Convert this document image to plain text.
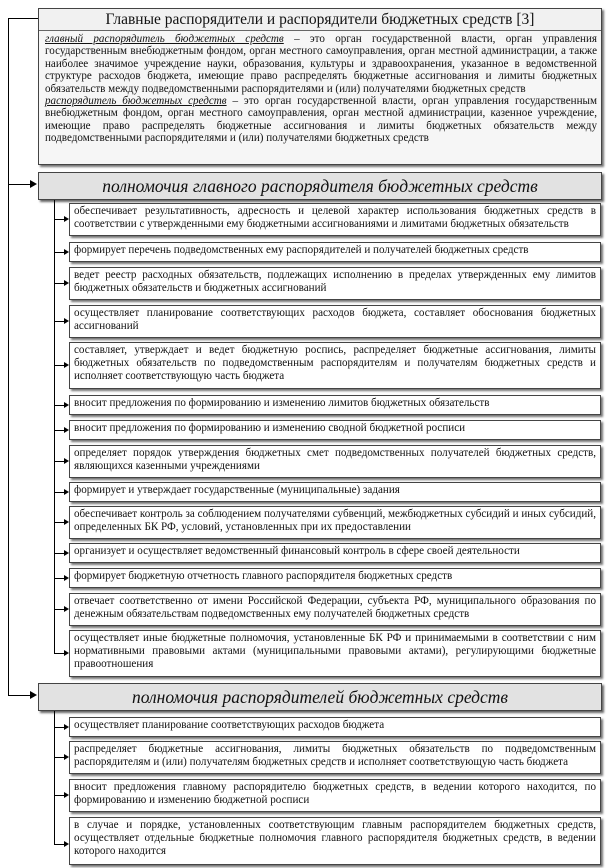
Главные распорядители и распорядители бюджетных средств [3]
главный распорядитель бюджетных средств – это орган государственной власти, орган управления государственным внебюджетным фондом, орган местного самоуправления, орган местной администрации, а также наиболее значимое учреждение науки, образования, культуры и здравоохранения, указанное в ведомственной структуре расходов бюджета, имеющие право распределять бюджетные ассигнования и лимиты бюджетных обязательств между подведомственными распорядителями и (или) получателями бюджетных средств
распорядитель бюджетных средств – это орган государственной власти, орган управления государственным внебюджетным фондом, орган местного самоуправления, орган местной администрации, казенное учреждение, имеющие право распределять бюджетные ассигнования и лимиты бюджетных обязательств между подведомственными распорядителями и (или) получателями бюджетных средств
полномочия главного распорядителя бюджетных средств
обеспечивает результативность, адресность и целевой характер использования бюджетных средств в соответствии с утвержденными ему бюджетными ассигнованиями и лимитами бюджетных обязательств
формирует перечень подведомственных ему распорядителей и получателей бюджетных средств
ведет реестр расходных обязательств, подлежащих исполнению в пределах утвержденных ему лимитов бюджетных обязательств и бюджетных ассигнований
осуществляет планирование соответствующих расходов бюджета, составляет обоснования бюджетных ассигнований
составляет, утверждает и ведет бюджетную роспись, распределяет бюджетные ассигнования, лимиты бюджетных обязательств по подведомственным распорядителям и получателям бюджетных средств и исполняет соответствующую часть бюджета
вносит предложения по формированию и изменению лимитов бюджетных обязательств
вносит предложения по формированию и изменению сводной бюджетной росписи
определяет порядок утверждения бюджетных смет подведомственных получателей бюджетных средств, являющихся казенными учреждениями
формирует и утверждает государственные (муниципальные) задания
обеспечивает контроль за соблюдением получателями субвенций, межбюджетных субсидий и иных субсидий, определенных БК РФ, условий, установленных при их предоставлении
организует и осуществляет ведомственный финансовый контроль в сфере своей деятельности
формирует бюджетную отчетность главного распорядителя бюджетных средств
отвечает соответственно от имени Российской Федерации, субъекта РФ, муниципального образования по денежным обязательствам подведомственных ему получателей бюджетных средств
осуществляет иные бюджетные полномочия, установленные БК РФ и принимаемыми в соответствии с ним нормативными правовыми актами (муниципальными правовыми актами), регулирующими бюджетные правоотношения
полномочия распорядителей бюджетных средств
осуществляет планирование соответствующих расходов бюджета
распределяет бюджетные ассигнования, лимиты бюджетных обязательств по подведомственным распорядителям и (или) получателям бюджетных средств и исполняет соответствующую часть бюджета
вносит предложения главному распорядителю бюджетных средств, в ведении которого находится, по формированию и изменению бюджетной росписи
в случае и порядке, установленных соответствующим главным распорядителем бюджетных средств, осуществляет отдельные бюджетные полномочия главного распорядителя бюджетных средств, в ведении которого находится
